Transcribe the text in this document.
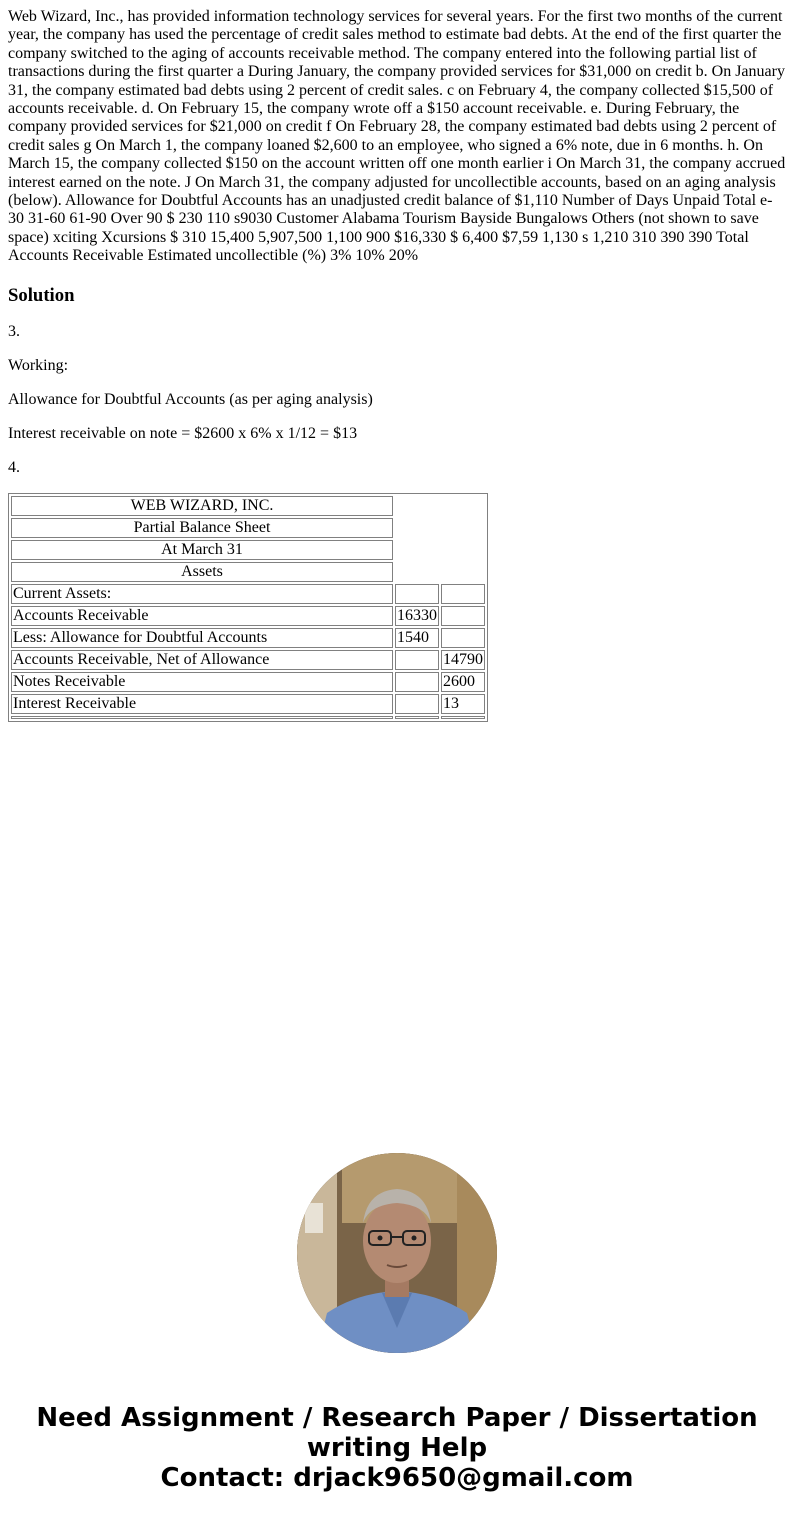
Web Wizard, Inc., has provided information technology services for several years. For the first two months of the current year, the company has used the percentage of credit sales method to estimate bad debts. At the end of the first quarter the company switched to the aging of accounts receivable method. The company entered into the following partial list of transactions during the first quarter a During January, the company provided services for $31,000 on credit b. On January 31, the company estimated bad debts using 2 percent of credit sales. c on February 4, the company collected $15,500 of accounts receivable. d. On February 15, the company wrote off a $150 account receivable. e. During February, the company provided services for $21,000 on credit f On February 28, the company estimated bad debts using 2 percent of credit sales g On March 1, the company loaned $2,600 to an employee, who signed a 6% note, due in 6 months. h. On March 15, the company collected $150 on the account written off one month earlier i On March 31, the company accrued interest earned on the note. J On March 31, the company adjusted for uncollectible accounts, based on an aging analysis (below). Allowance for Doubtful Accounts has an unadjusted credit balance of $1,110 Number of Days Unpaid Total e-30 31-60 61-90 Over 90 $ 230 110 s9030 Customer Alabama Tourism Bayside Bungalows Others (not shown to save space) xciting Xcursions $ 310 15,400 5,907,500 1,100 900 $16,330 $ 6,400 $7,59 1,130 s 1,210 310 390 390 Total Accounts Receivable Estimated uncollectible (%) 3% 10% 20%
Solution

3.

Working:

Allowance for Doubtful Accounts (as per aging analysis)

Interest receivable on note = $2600 x 6% x 1/12 = $13

4.

WEB WIZARD, INC.		
Partial Balance Sheet		
At March 31		
Assets		
Current Assets:		
Accounts Receivable	16330	
Less: Allowance for Doubtful Accounts	1540	
Accounts Receivable, Net of Allowance		14790
Notes Receivable		2600
Interest Receivable		13

Need Assignment / Research Paper / Dissertation
writing Help
Contact: drjack9650@gmail.com
